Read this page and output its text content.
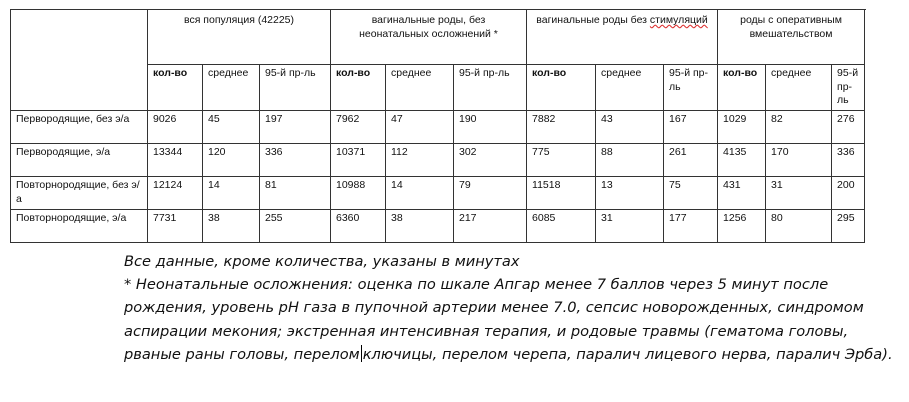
	вся популяция (42225)			вагинальные роды, без неонатальных осложнений *			вагинальные роды без стимуляций			роды с оперативным вмешательством		
	кол-во	среднее	95-й пр-ль	кол-во	среднее	95-й пр-ль	кол-во	среднее	95-й пр-ль	кол-во	среднее	95-й пр-ль
Первородящие, без э/а	9026	45	197	7962	47	190	7882	43	167	1029	82	276
Первородящие, э/а	13344	120	336	10371	112	302	775	88	261	4135	170	336
Повторнородящие, без э/а	12124	14	81	10988	14	79	11518	13	75	431	31	200
Повторнородящие, э/а	7731	38	255	6360	38	217	6085	31	177	1256	80	295

Все данные, кроме количества, указаны в минутах

* Неонатальные осложнения: оценка по шкале Апгар менее 7 баллов через 5 минут после рождения, уровень pH газа в пупочной артерии менее 7.0, сепсис новорожденных, синдромом аспирации мекония; экстренная интенсивная терапия, и родовые травмы (гематома головы, рваные раны головы, перелом ключицы, перелом черепа, паралич лицевого нерва, паралич Эрба).
